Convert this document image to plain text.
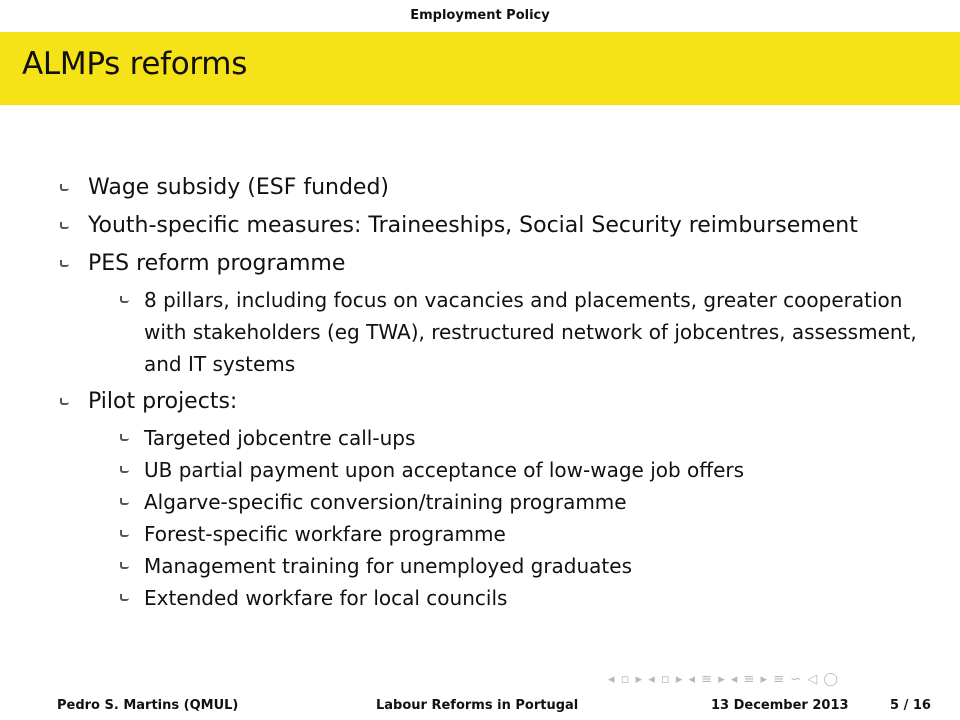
Employment Policy
ALMPs reforms
Wage subsidy (ESF funded)
Youth-specific measures: Traineeships, Social Security reimbursement
PES reform programme
8 pillars, including focus on vacancies and placements, greater cooperation with stakeholders (eg TWA), restructured network of jobcentres, assessment, and IT systems
Pilot projects:
Targeted jobcentre call-ups
UB partial payment upon acceptance of low-wage job offers
Algarve-specific conversion/training programme
Forest-specific workfare programme
Management training for unemployed graduates
Extended workfare for local councils
◂ ▫ ▸ ◂ ▫ ▸ ◂ ≡ ▸ ◂ ≡ ▸ ≡ ∽ ◁ ◯
Pedro S. Martins (QMUL)	Labour Reforms in Portugal	13 December 2013	5 / 16
